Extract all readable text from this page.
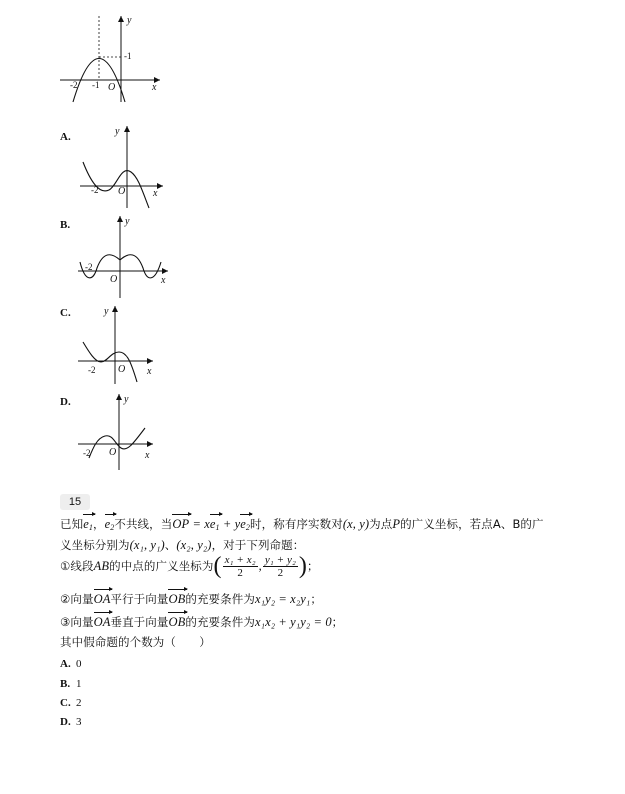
y
x
O
-2 -1
-1
A.	y
x
O
-2
B.	y
x
O
-2
C.	y
x
O
-2
D.	y
x
O
-2
15
已知$e_1$，$e_2$不共线，当OP = $xe_1 + ye_2$时，称有序实数对(x, y)为点P的广义坐标，若点A、B的广
义坐标分别为(x₁, y₁)、(x₂, y₂)，对于下列命题：
①线段AB的中点的广义坐标为( $\frac{\text{x₁ + x₂}}{2}$ , $\frac{\text{y₁ + y₂}}{2}$ )；
②向量OA平行于向量OB的充要条件为x₁y₂ = x₂y₁；
③向量OA垂直于向量OB的充要条件为x₁x₂ + y₁y₂ = 0；
其中假命题的个数为（　　）
A. 0
B. 1
C. 2
D. 3
